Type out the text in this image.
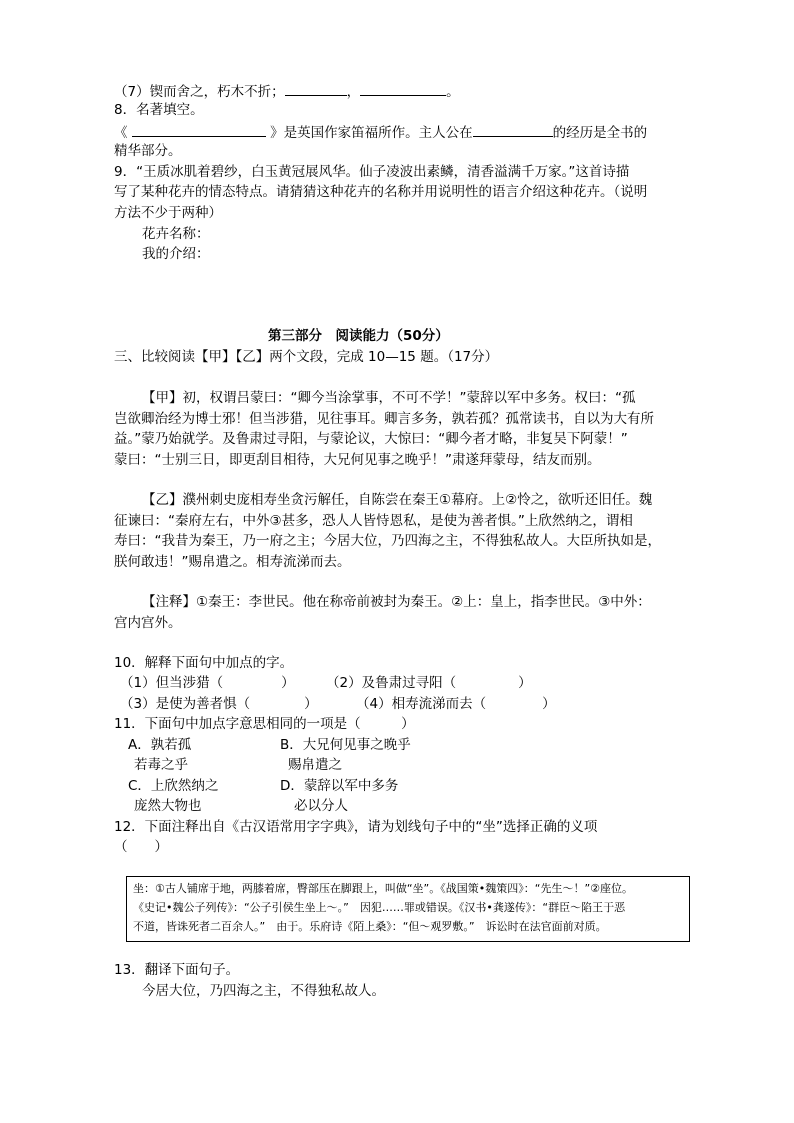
（7）锲而舍之，朽木不折；	，	。
8．名著填空。
《	》是英国作家笛福所作。主人公在	的经历是全书的
精华部分。
9．“王质冰肌着碧纱，白玉黄冠展风华。仙子凌波出素鳞，清香溢满千万家。”这首诗描
写了某种花卉的情态特点。请猜猜这种花卉的名称并用说明性的语言介绍这种花卉。（说明
方法不少于两种）
花卉名称：
我的介绍：
第三部分　阅读能力（50分）
三、比较阅读【甲】【乙】两个文段，完成 10—15 题。（17分）
【甲】初，权谓吕蒙曰：“卿今当涂掌事，不可不学！”蒙辞以军中多务。权曰：“孤
岂欲卿治经为博士邪！但当涉猎，见往事耳。卿言多务，孰若孤？孤常读书，自以为大有所
益。”蒙乃始就学。及鲁肃过寻阳，与蒙论议，大惊曰：“卿今者才略，非复吴下阿蒙！”
蒙曰：“士别三日，即更刮目相待，大兄何见事之晚乎！”肃遂拜蒙母，结友而别。
【乙】濮州刺史庞相寿坐贪污解任，自陈尝在秦王①幕府。上②怜之，欲听还旧任。魏
征谏曰：“秦府左右，中外③甚多，恐人人皆恃恩私，是使为善者惧。”上欣然纳之，谓相
寿曰：“我昔为秦王，乃一府之主；今居大位，乃四海之主，不得独私故人。大臣所执如是，
朕何敢违！”赐帛遣之。相寿流涕而去。
【注释】①秦王：李世民。他在称帝前被封为秦王。②上：皇上，指李世民。③中外：
宫内宫外。
10．解释下面句中加点的字。
（1）但当涉猎（	） （2）及鲁肃过寻阳（	）
（3）是使为善者惧（	）	（4）相寿流涕而去（	）
11．下面句中加点字意思相同的一项是（　　　）
A．孰若孤	B．大兄何见事之晚乎
若毒之乎	赐帛遣之
C．上欣然纳之	D．蒙辞以军中多务
庞然大物也	必以分人
12．下面注释出自《古汉语常用字字典》，请为划线句子中的“坐”选择正确的义项
（　　）
坐：①古人铺席于地，两膝着席，臀部压在脚跟上，叫做“坐”。《战国策•魏策四》：“先生～！”②座位。
《史记•魏公子列传》：“公子引侯生坐上～。”　因犯……罪或错误。《汉书•龚遂传》：“群臣～陷王于恶
不道，皆诛死者二百余人。”　由于。乐府诗《陌上桑》：“但～观罗敷。”　诉讼时在法官面前对质。
13．翻译下面句子。
今居大位，乃四海之主，不得独私故人。
